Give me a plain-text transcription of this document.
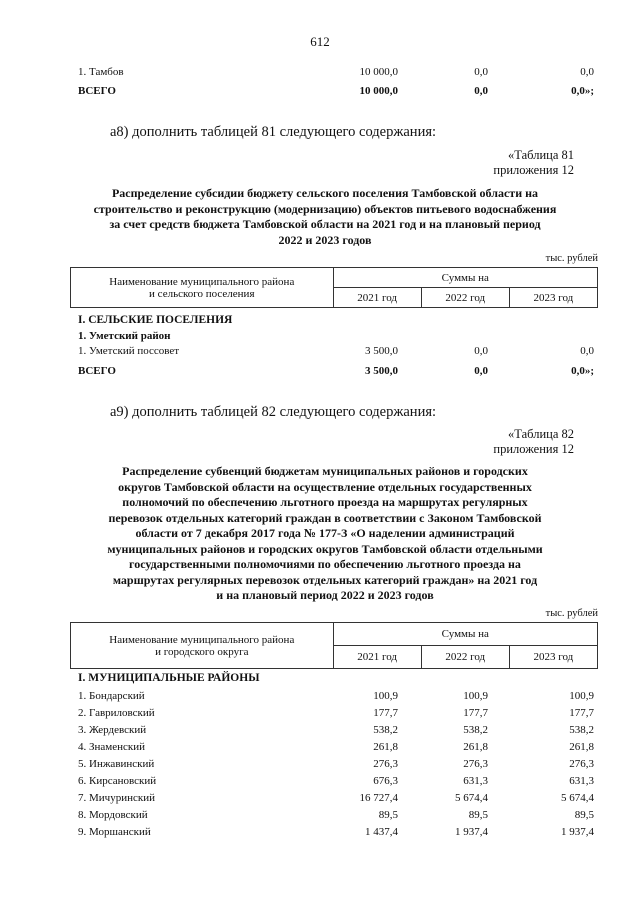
612
1. Тамбов	10 000,0	0,0	0,0
ВСЕГО	10 000,0	0,0	0,0»;
а8) дополнить таблицей 81 следующего содержания:
«Таблица 81
приложения 12
Распределение субсидии бюджету сельского поселения Тамбовской области на
строительство и реконструкцию (модернизацию) объектов питьевого водоснабжения
за счет средств бюджета Тамбовской области на 2021 год и на плановый период
2022 и 2023 годов
тыс. рублей
Наименование муниципального района
и сельского поселения	Суммы на		
	2021 год	2022 год	2023 год
I. СЕЛЬСКИЕ ПОСЕЛЕНИЯ
1. Уметский район
1. Уметский поссовет	3 500,0	0,0	0,0
ВСЕГО	3 500,0	0,0	0,0»;
а9) дополнить таблицей 82 следующего содержания:
«Таблица 82
приложения 12
Распределение субвенций бюджетам муниципальных районов и городских
округов Тамбовской области на осуществление отдельных государственных
полномочий по обеспечению льготного проезда на маршрутах регулярных
перевозок отдельных категорий граждан в соответствии с Законом Тамбовской
области от 7 декабря 2017 года № 177-З «О наделении администраций
муниципальных районов и городских округов Тамбовской области отдельными
государственными полномочиями по обеспечению льготного проезда на
маршрутах регулярных перевозок отдельных категорий граждан» на 2021 год
и на плановый период 2022 и 2023 годов
тыс. рублей
Наименование муниципального района
и городского округа	Суммы на		
	2021 год	2022 год	2023 год
I. МУНИЦИПАЛЬНЫЕ РАЙОНЫ
1. Бондарский	100,9	100,9	100,9
2. Гавриловский	177,7	177,7	177,7
3. Жердевский	538,2	538,2	538,2
4. Знаменский	261,8	261,8	261,8
5. Инжавинский	276,3	276,3	276,3
6. Кирсановский	676,3	631,3	631,3
7. Мичуринский	16 727,4	5 674,4	5 674,4
8. Мордовский	89,5	89,5	89,5
9. Моршанский	1 437,4	1 937,4	1 937,4
